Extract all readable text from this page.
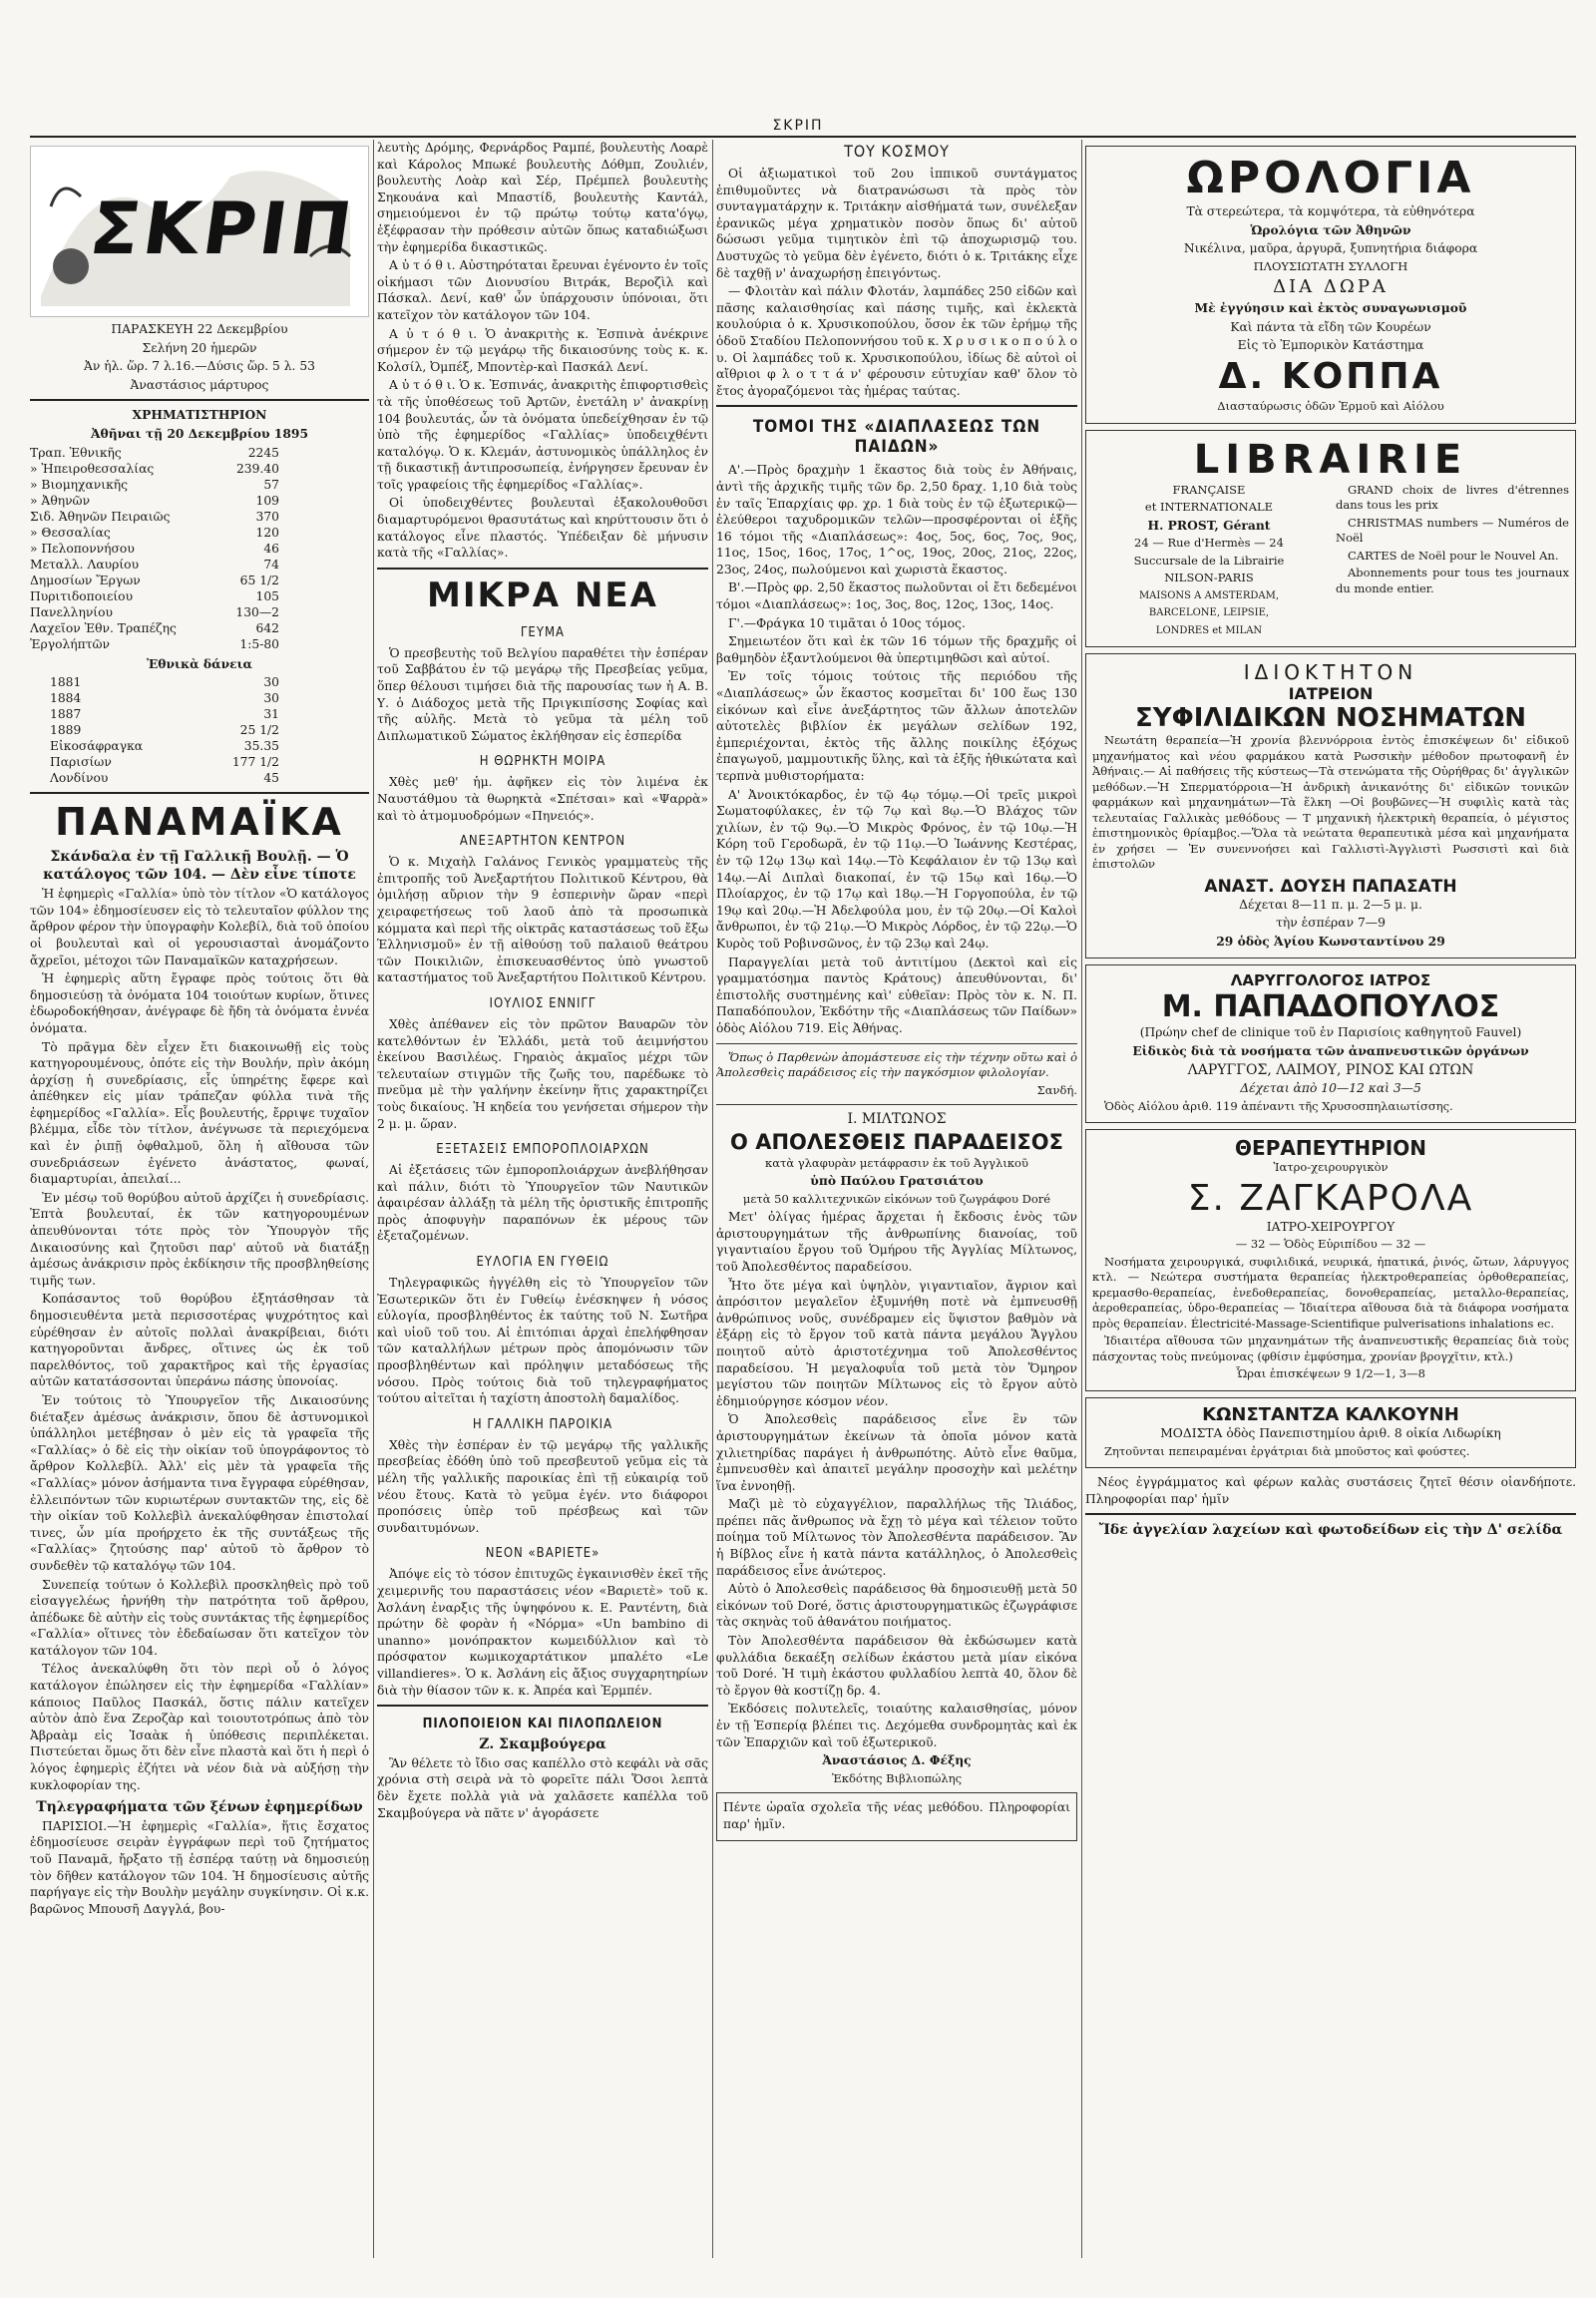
ΣΚΡΙΠ
ΣΚΡΙΠ

ΠΑΡΑΣΚΕΥΗ 22 Δεκεμβρίου

Σελήνη 20 ἡμερῶν

Ἀν ἡλ. ὥρ. 7 λ.16.—Δύσις ὥρ. 5 λ. 53

Ἀναστάσιος μάρτυρος

ΧΡΗΜΑΤΙΣΤΗΡΙΟΝ

Ἀθῆναι τῇ 20 Δεκεμβρίου 1895

Τραπ. Ἐθνικῆς	2245
» Ἠπειροθεσσαλίας	239.40
» Βιομηχανικῆς	57
» Ἀθηνῶν	109
Σιδ. Ἀθηνῶν Πειραιῶς	370
» Θεσσαλίας	120
» Πελοποννήσου	46
Μεταλλ. Λαυρίου	74
Δημοσίων Ἔργων	65 1/2
Πυριτιδοποιείου	105
Πανελληνίου	130—2
Λαχεῖον Ἐθν. Τραπέζης	642
Ἐργολήπτῶν	1:5-80

Ἐθνικὰ δάνεια

1881	30
1884	30
1887	31
1889	25 1/2
Εἰκοσάφραγκα	35.35
Παρισίων	177 1/2
Λονδίνου	45
ΠΑΝΑΜΑΪΚΑ

Σκάνδαλα ἐν τῇ Γαλλικῇ Βουλῇ. — Ὁ κατάλογος τῶν 104. — Δὲν εἶνε τίποτε

Ἡ ἐφημερὶς «Γαλλία» ὑπὸ τὸν τίτλον «Ὁ κατάλογος τῶν 104» ἐδημοσίευσεν εἰς τὸ τελευταῖον φύλλον της ἄρθρον φέρον τὴν ὑπογραφὴν Κολεβίλ, διὰ τοῦ ὁποίου οἱ βουλευταὶ καὶ οἱ γερουσιασταὶ ἀνομάζοντο ἄχρεῖοι, μέτοχοι τῶν Παναμαϊκῶν καταχρήσεων.

Ἡ ἐφημερὶς αὕτη ἔγραφε πρὸς τούτοις ὅτι θὰ δημοσιεύσῃ τὰ ὀνόματα 104 τοιούτων κυρίων, ὅτινες ἐδωροδοκήθησαν, ἀνέγραφε δὲ ἤδη τὰ ὀνόματα ἐννέα ὀνόματα.

Τὸ πρᾶγμα δὲν εἶχεν ἔτι διακοινωθῇ εἰς τοὺς κατηγορουμένους, ὁπότε εἰς τὴν Βουλήν, πρὶν ἀκόμη ἀρχίσῃ ἡ συνεδρίασις, εἷς ὑπηρέτης ἔφερε καὶ ἀπέθηκεν εἰς μίαν τράπεζαν φύλλα τινὰ τῆς ἐφημερίδος «Γαλλία». Εἷς βουλευτής, ἔρριψε τυχαῖον βλέμμα, εἶδε τὸν τίτλον, ἀνέγνωσε τὰ περιεχόμενα καὶ ἐν ῥιπῇ ὀφθαλμοῦ, ὅλη ἡ αἴθουσα τῶν συνεδριάσεων ἐγένετο ἀνάστατος, φωναί, διαμαρτυρίαι, ἀπειλαί...

Ἐν μέσῳ τοῦ θορύβου αὐτοῦ ἀρχίζει ἡ συνεδρίασις. Ἐπτὰ βουλευταί, ἐκ τῶν κατηγορουμένων ἀπευθύνονται τότε πρὸς τὸν Ὑπουργὸν τῆς Δικαιοσύνης καὶ ζητοῦσι παρ' αὐτοῦ νὰ διατάξῃ ἀμέσως ἀνάκρισιν πρὸς ἐκδίκησιν τῆς προσβληθείσης τιμῆς των.

Κοπάσαντος τοῦ θορύβου ἐξητάσθησαν τὰ δημοσιευθέντα μετὰ περισσοτέρας ψυχρότητος καὶ εὑρέθησαν ἐν αὐτοῖς πολλαὶ ἀνακρίβειαι, διότι κατηγοροῦνται ἄνδρες, οἵτινες ὡς ἐκ τοῦ παρελθόντος, τοῦ χαρακτῆρος καὶ τῆς ἐργασίας αὐτῶν κατατάσσονται ὑπεράνω πάσης ὑπονοίας.

Ἐν τούτοις τὸ Ὑπουργεῖον τῆς Δικαιοσύνης διέταξεν ἀμέσως ἀνάκρισιν, ὅπου δὲ ἀστυνομικοὶ ὑπάλληλοι μετέβησαν ὁ μὲν εἰς τὰ γραφεῖα τῆς «Γαλλίας» ὁ δὲ εἰς τὴν οἰκίαν τοῦ ὑπογράφοντος τὸ ἄρθρον Κολλεβίλ. Ἀλλ' εἰς μὲν τὰ γραφεῖα τῆς «Γαλλίας» μόνον ἀσήμαντα τινα ἔγγραφα εὑρέθησαν, ἐλλειπόντων τῶν κυριωτέρων συντακτῶν της, εἰς δὲ τὴν οἰκίαν τοῦ Κολλεβὶλ ἀνεκαλύφθησαν ἐπιστολαί τινες, ὧν μία προήρχετο ἐκ τῆς συντάξεως τῆς «Γαλλίας» ζητούσης παρ' αὐτοῦ τὸ ἄρθρον τὸ συνδεθὲν τῷ καταλόγῳ τῶν 104.

Συνεπείᾳ τούτων ὁ Κολλεβὶλ προσκληθεὶς πρὸ τοῦ εἰσαγγελέως ἠρνήθη τὴν πατρότητα τοῦ ἄρθρου, ἀπέδωκε δὲ αὐτὴν εἰς τοὺς συντάκτας τῆς ἐφημερίδος «Γαλλία» οἵτινες τὸν ἐδεδαίωσαν ὅτι κατεῖχον τὸν κατάλογον τῶν 104.

Τέλος ἀνεκαλύφθη ὅτι τὸν περὶ οὗ ὁ λόγος κατάλογον ἐπώλησεν εἰς τὴν ἐφημερίδα «Γαλλίαν» κάποιος Παῦλος Πασκάλ, ὅστις πάλιν κατεῖχεν αὐτὸν ἀπὸ ἕνα Ζεροζὰρ καὶ τοιουτοτρόπως ἀπὸ τὸν Ἀβραὰμ εἰς Ἰσαὰκ ἡ ὑπόθεσις περιπλέκεται. Πιστεύεται ὅμως ὅτι δὲν εἶνε πλαστὰ καὶ ὅτι ἡ περὶ ὁ λόγος ἐφημερὶς ἐζήτει νὰ νέον διὰ νὰ αὐξήσῃ τὴν κυκλοφορίαν της.

Τηλεγραφήματα τῶν ξένων ἐφημερίδων

ΠΑΡΙΣΙΟΙ.—Ἡ ἐφημερὶς «Γαλλία», ἥτις ἔσχατος ἐδημοσίευσε σειρὰν ἐγγράφων περὶ τοῦ ζητήματος τοῦ Παναμᾶ, ἤρξατο τῇ ἑσπέρᾳ ταύτῃ νὰ δημοσιεύῃ τὸν δῆθεν κατάλογον τῶν 104. Ἡ δημοσίευσις αὐτῆς παρήγαγε εἰς τὴν Βουλὴν μεγάλην συγκίνησιν. Οἱ κ.κ. βαρῶνος Μπουσῆ Δαγγλά, βου-

λευτὴς Δρόμης, Φερνάρδος Ραμπέ, βουλευτὴς Λοαρὲ καὶ Κάρολος Μπωκέ βουλευτὴς Δόθμπ, Ζουλιέν, βουλευτὴς Λοὰρ καὶ Σέρ, Πρέμπελ βουλευτὴς Σηκουάνα καὶ Μπαστίδ, βουλευτὴς Καντάλ, σημειούμενοι ἐν τῷ πρώτῳ τούτῳ κατα'όγῳ, ἐξέφρασαν τὴν πρόθεσιν αὐτῶν ὅπως καταδιώξωσι τὴν ἐφημερίδα δικαστικῶς.

Α ὐ τ ό θ ι. Αὐστηρόταται ἔρευναι ἐγένοντο ἐν τοῖς οἰκήμασι τῶν Διονυσίου Βιτράκ, Βεροζὶλ καὶ Πάσκαλ. Δενί, καθ' ὧν ὑπάρχουσιν ὑπόνοιαι, ὅτι κατεῖχον τὸν κατάλογον τῶν 104.

Α ὐ τ ό θ ι. Ὁ ἀνακριτὴς κ. Ἐσπινὰ ἀνέκρινε σήμερον ἐν τῷ μεγάρῳ τῆς δικαιοσύνης τοὺς κ. κ. Κολσίλ, Ὀμπέξ, Μποντὲρ-καὶ Πασκάλ Δενί.

Α ὐ τ ό θ ι. Ὁ κ. Ἐσπινάς, ἀνακριτὴς ἐπιφορτισθεὶς τὰ τῆς ὑποθέσεως τοῦ Ἀρτῶν, ἐνετάλη ν' ἀνακρίνῃ 104 βουλευτάς, ὧν τὰ ὀνόματα ὑπεδείχθησαν ἐν τῷ ὑπὸ τῆς ἐφημερίδος «Γαλλίας» ὑποδειχθέντι καταλόγῳ. Ὁ κ. Κλεμάν, ἀστυνομικὸς ὑπάλληλος ἐν τῇ δικαστικῇ ἀντιπροσωπείᾳ, ἐνήργησεν ἔρευναν ἐν τοῖς γραφείοις τῆς ἐφημερίδος «Γαλλίας».

Οἱ ὑποδειχθέντες βουλευταὶ ἐξακολουθοῦσι διαμαρτυρόμενοι θρασυτάτως καὶ κηρύττουσιν ὅτι ὁ κατάλογος εἶνε πλαστός. Ὑπέδειξαν δὲ μήνυσιν κατὰ τῆς «Γαλλίας».

ΜΙΚΡΑ ΝΕΑ
ΓΕΥΜΑ

Ὁ πρεσβευτὴς τοῦ Βελγίου παραθέτει τὴν ἑσπέραν τοῦ Σαββάτου ἐν τῷ μεγάρῳ τῆς Πρεσβείας γεῦμα, ὅπερ θέλουσι τιμήσει διὰ τῆς παρουσίας των ἡ Α. Β. Υ. ὁ Διάδοχος μετὰ τῆς Πριγκιπίσσης Σοφίας καὶ τῆς αὐλῆς. Μετὰ τὸ γεῦμα τὰ μέλη τοῦ Διπλωματικοῦ Σώματος ἐκλήθησαν εἰς ἑσπερίδα

Η ΘΩΡΗΚΤΗ ΜΟΙΡΑ

Χθὲς μεθ' ἡμ. ἀφῆκεν εἰς τὸν λιμένα ἐκ Ναυστάθμου τὰ θωρηκτὰ «Σπέτσαι» καὶ «Ψαρρὰ» καὶ τὸ ἀτμομυοδρόμων «Πηνειός».

ΑΝΕΞΑΡΤΗΤΟΝ ΚΕΝΤΡΟΝ

Ὁ κ. Μιχαὴλ Γαλάνος Γενικὸς γραμματεὺς τῆς ἐπιτροπῆς τοῦ Ἀνεξαρτήτου Πολιτικοῦ Κέντρου, θὰ ὁμιλήσῃ αὔριον τὴν 9 ἑσπερινὴν ὥραν «περὶ χειραφετήσεως τοῦ λαοῦ ἀπὸ τὰ προσωπικὰ κόμματα καὶ περὶ τῆς οἰκτρᾶς καταστάσεως τοῦ ἔξω Ἑλληνισμοῦ» ἐν τῇ αἰθούσῃ τοῦ παλαιοῦ θεάτρου τῶν Ποικιλιῶν, ἐπισκευασθέντος ὑπὸ γνωστοῦ καταστήματος τοῦ Ἀνεξαρτήτου Πολιτικοῦ Κέντρου.

ΙΟΥΛΙΟΣ ΕΝΝΙΓΓ

Χθὲς ἀπέθανεν εἰς τὸν πρῶτον Βαυαρῶν τὸν κατελθόντων ἐν Ἑλλάδι, μετὰ τοῦ ἀειμνήστου ἐκείνου Βασιλέως. Γηραιὸς ἀκμαῖος μέχρι τῶν τελευταίων στιγμῶν τῆς ζωῆς του, παρέδωκε τὸ πνεῦμα μὲ τὴν γαλήνην ἐκείνην ἥτις χαρακτηρίζει τοὺς δικαίους. Ἡ κηδεία του γενήσεται σήμερον τὴν 2 μ. μ. ὥραν.

ΕΞΕΤΑΣΕΙΣ ΕΜΠΟΡΟΠΛΟΙΑΡΧΩΝ

Αἱ ἐξετάσεις τῶν ἐμποροπλοιάρχων ἀνεβλήθησαν καὶ πάλιν, διότι τὸ Ὑπουργεῖον τῶν Ναυτικῶν ἀφαιρέσαν ἀλλάξῃ τὰ μέλη τῆς ὁριστικῆς ἐπιτροπῆς πρὸς ἀποφυγὴν παραπόνων ἐκ μέρους τῶν ἐξεταζομένων.

ΕΥΛΟΓΙΑ ΕΝ ΓΥΘΕΙΩ

Τηλεγραφικῶς ἠγγέλθη εἰς τὸ Ὑπουργεῖον τῶν Ἐσωτερικῶν ὅτι ἐν Γυθείῳ ἐνέσκηψεν ἡ νόσος εὐλογία, προσβληθέντος ἐκ ταύτης τοῦ Ν. Σωτῆρα καὶ υἱοῦ τοῦ του. Αἱ ἐπιτόπιαι ἀρχαὶ ἐπελήφθησαν τῶν καταλλήλων μέτρων πρὸς ἀπομόνωσιν τῶν προσβληθέντων καὶ πρόληψιν μεταδόσεως τῆς νόσου. Πρὸς τούτοις διὰ τοῦ τηλεγραφήματος τούτου αἰτεῖται ἡ ταχίστη ἀποστολὴ δαμαλίδος.

Η ΓΑΛΛΙΚΗ ΠΑΡΟΙΚΙΑ

Χθὲς τὴν ἑσπέραν ἐν τῷ μεγάρῳ τῆς γαλλικῆς πρεσβείας ἐδόθη ὑπὸ τοῦ πρεσβευτοῦ γεῦμα εἰς τὰ μέλη τῆς γαλλικῆς παροικίας ἐπὶ τῇ εὐκαιρίᾳ τοῦ νέου ἔτους. Κατὰ τὸ γεῦμα ἐγέν. ντο διάφοροι προπόσεις ὑπὲρ τοῦ πρέσβεως καὶ τῶν συνδαιτυμόνων.

ΝΕΟΝ «ΒΑΡΙΕΤΕ»

Ἀπόψε εἰς τὸ τόσον ἐπιτυχῶς ἐγκαινισθὲν ἐκεῖ τῆς χειμερινῆς του παραστάσεις νέον «Βαριετὲ» τοῦ κ. Ἀσλάνη ἐναρξις τῆς ὑψηφόνου κ. Ε. Ραντέντη, διὰ πρώτην δὲ φορὰν ἡ «Νόρμα» «Un bambino di unanno» μονόπρακτον κωμειδύλλιον καὶ τὸ πρόσφατον κωμικοχαρτάτικον μπαλέτο «Le villandieres». Ὁ κ. Ἀσλάνη εἰς ἄξιος συγχαρητηρίων διὰ τὴν θίασον τῶν κ. κ. Ἀπρέα καὶ Ἐρμπέν.

ΠΙΛΟΠΟΙΕΙΟΝ ΚΑΙ ΠΙΛΟΠΩΛΕΙΟΝ

Ζ. Σκαμβούγερα

Ἂν θέλετε τὸ ἴδιο σας καπέλλο στὸ κεφάλι νὰ σᾶς χρόνια στὴ σειρὰ νὰ τὸ φορεῖτε πάλι Ὅσοι λεπτὰ δὲν ἔχετε πολλὰ γιὰ νὰ χαλᾶσετε καπέλλα τοῦ Σκαμβούγερα νὰ πᾶτε ν' ἀγοράσετε

ΤΟΥ ΚΟΣΜΟΥ

Οἱ ἀξιωματικοὶ τοῦ 2ου ἱππικοῦ συντάγματος ἐπιθυμοῦντες νὰ διατρανώσωσι τὰ πρὸς τὸν συνταγματάρχην κ. Τριτάκην αἰσθήματά των, συνέλεξαν ἐρανικῶς μέγα χρηματικὸν ποσὸν ὅπως δι' αὐτοῦ δώσωσι γεῦμα τιμητικὸν ἐπὶ τῷ ἀποχωρισμῷ του. Δυστυχῶς τὸ γεῦμα δὲν ἐγένετο, διότι ὁ κ. Τριτάκης εἶχε δὲ ταχθῇ ν' ἀναχωρήσῃ ἐπειγόντως.

— Φλοιτὰν καὶ πάλιν Φλοτάν, λαμπάδες 250 εἰδῶν καὶ πᾶσης καλαισθησίας καὶ πάσης τιμῆς, καὶ ἐκλεκτὰ κουλούρια ὁ κ. Χρυσικοπούλου, ὅσον ἐκ τῶν ἐρήμῳ τῆς ὁδοῦ Σταδίου Πελοποννήσου τοῦ κ. Χ ρ υ σ ι κ ο π ο ύ λ ο υ. Οἱ λαμπάδες τοῦ κ. Χρυσικοπούλου, ἰδίως δὲ αὐτοὶ οἱ αἴθριοι φ λ ο τ τ ά ν' φέρουσιν εὐτυχίαν καθ' ὅλον τὸ ἔτος ἀγοραζόμενοι τὰς ἡμέρας ταύτας.

ΤΟΜΟΙ ΤΗΣ «ΔΙΑΠΛΑΣΕΩΣ ΤΩΝ ΠΑΙΔΩΝ»

Α'.—Πρὸς δραχμὴν 1 ἕκαστος διὰ τοὺς ἐν Ἀθήναις, ἀντὶ τῆς ἀρχικῆς τιμῆς τῶν δρ. 2,50 δραχ. 1,10 διὰ τοὺς ἐν ταῖς Ἐπαρχίαις φρ. χρ. 1 διὰ τοὺς ἐν τῷ ἐξωτερικῷ—ἐλεύθεροι ταχυδρομικῶν τελῶν—προσφέρονται οἱ ἑξῆς 16 τόμοι τῆς «Διαπλάσεως»: 4ος, 5ος, 6ος, 7ος, 9ος, 11ος, 15ος, 16ος, 17ος, 1^ος, 19ος, 20ος, 21ος, 22ος, 23ος, 24ος, πωλούμενοι καὶ χωριστὰ ἕκαστος.

Β'.—Πρὸς φρ. 2,50 ἕκαστος πωλοῦνται οἱ ἔτι δεδεμένοι τόμοι «Διαπλάσεως»: 1ος, 3ος, 8ος, 12ος, 13ος, 14ος.

Γ'.—Φράγκα 10 τιμᾶται ὁ 10ος τόμος.

Σημειωτέον ὅτι καὶ ἐκ τῶν 16 τόμων τῆς δραχμῆς οἱ βαθμηδὸν ἐξαντλούμενοι θὰ ὑπερτιμηθῶσι καὶ αὐτοί.

Ἐν τοῖς τόμοις τούτοις τῆς περιόδου τῆς «Διαπλάσεως» ὧν ἕκαστος κοσμεῖται δι' 100 ἕως 130 εἰκόνων καὶ εἶνε ἀνεξάρτητος τῶν ἄλλων ἀποτελῶν αὐτοτελὲς βιβλίον ἐκ μεγάλων σελίδων 192, ἐμπεριέχονται, ἐκτὸς τῆς ἄλλης ποικίλης ἐξόχως ἐπαγωγοῦ, μαμμουτικῆς ὕλης, καὶ τὰ ἑξῆς ἠθικώτατα καὶ τερπνὰ μυθιστορήματα:

Α' Ἀνοικτόκαρδος, ἐν τῷ 4ῳ τόμῳ.—Οἱ τρεῖς μικροὶ Σωματοφύλακες, ἐν τῷ 7ῳ καὶ 8ῳ.—Ὁ Βλάχος τῶν χιλίων, ἐν τῷ 9ῳ.—Ὁ Μικρὸς Φρόνος, ἐν τῷ 10ῳ.—Ἡ Κόρη τοῦ Γεροδωρᾶ, ἐν τῷ 11ῳ.—Ὁ Ἰωάννης Κεστέρας, ἐν τῷ 12ῳ 13ῳ καὶ 14ῳ.—Τὸ Κεφάλαιον ἐν τῷ 13ῳ καὶ 14ῳ.—Αἱ Διπλαὶ διακοπαί, ἐν τῷ 15ῳ καὶ 16ῳ.—Ὁ Πλοίαρχος, ἐν τῷ 17ῳ καὶ 18ῳ.—Ἡ Γοργοπούλα, ἐν τῷ 19ῳ καὶ 20ῳ.—Ἡ Ἀδελφούλα μου, ἐν τῷ 20ῳ.—Οἱ Καλοὶ ἄνθρωποι, ἐν τῷ 21ῳ.—Ὁ Μικρὸς Λόρδος, ἐν τῷ 22ῳ.—Ὁ Κυρὸς τοῦ Ροβινσῶνος, ἐν τῷ 23ῳ καὶ 24ῳ.

Παραγγελίαι μετὰ τοῦ ἀντιτίμου (Δεκτοὶ καὶ εἰς γραμματόσημα παντὸς Κράτους) ἀπευθύνονται, δι' ἐπιστολῆς συστημένης καὶ' εὐθεῖαν: Πρὸς τὸν κ. Ν. Π. Παπαδόπουλον, Ἐκδότην τῆς «Διαπλάσεως τῶν Παίδων» ὁδὸς Αἰόλου 719. Εἰς Ἀθήνας.

Ὅπως ὁ Παρθενὼν ἀπομάστευσε εἰς τὴν τέχνην οὕτω καὶ ὁ Ἀπολεσθεὶς παράδεισος εἰς τὴν παγκόσμιον φιλολογίαν.

Σανδή.

Ι. ΜΙΛΤΩΝΟΣ

Ο ΑΠΟΛΕΣΘΕΙΣ ΠΑΡΑΔΕΙΣΟΣ

κατὰ γλαφυρὰν μετάφρασιν ἐκ τοῦ Ἀγγλικοῦ

ὑπὸ Παύλου Γρατσιάτου

μετὰ 50 καλλιτεχνικῶν εἰκόνων τοῦ ζωγράφου Doré

Μετ' ὀλίγας ἡμέρας ἄρχεται ἡ ἔκδοσις ἑνὸς τῶν ἀριστουργημάτων τῆς ἀνθρωπίνης διανοίας, τοῦ γιγαντιαίου ἔργου τοῦ Ὁμήρου τῆς Ἀγγλίας Μίλτωνος, τοῦ Ἀπολεσθέντος παραδείσου.

Ἦτο ὅτε μέγα καὶ ὑψηλὸν, γιγαντιαῖον, ἄγριον καὶ ἀπρόσιτον μεγαλεῖον ἐξυμνήθη ποτὲ νὰ ἐμπνευσθῇ ἀνθρώπινος νοῦς, συνέδραμεν εἰς ὕψιστον βαθμὸν νὰ ἐξάρῃ εἰς τὸ ἔργον τοῦ κατὰ πάντα μεγάλου Ἄγγλου ποιητοῦ αὐτὸ ἀριστοτέχνημα τοῦ Ἀπολεσθέντος παραδείσου. Ἡ μεγαλοφυΐα τοῦ μετὰ τὸν Ὅμηρον μεγίστου τῶν ποιητῶν Μίλτωνος εἰς τὸ ἔργον αὐτὸ ἐδημιούργησε κόσμον νέον.

Ὁ Ἀπολεσθεὶς παράδεισος εἶνε ἓν τῶν ἀριστουργημάτων ἐκείνων τὰ ὁποῖα μόνον κατὰ χιλιετηρίδας παράγει ἡ ἀνθρωπότης. Αὐτὸ εἶνε θαῦμα, ἐμπνευσθὲν καὶ ἀπαιτεῖ μεγάλην προσοχὴν καὶ μελέτην ἵνα ἐννοηθῇ.

Μαζὶ μὲ τὸ εὐχαγγέλιον, παραλλήλως τῆς Ἰλιάδος, πρέπει πᾶς ἄνθρωπος νὰ ἔχῃ τὸ μέγα καὶ τέλειον τοῦτο ποίημα τοῦ Μίλτωνος τὸν Ἀπολεσθέντα παράδεισον. Ἂν ἡ Βίβλος εἶνε ἡ κατὰ πάντα κατάλληλος, ὁ Ἀπολεσθεὶς παράδεισος εἶνε ἀνώτερος.

Αὐτὸ ὁ Ἀπολεσθεὶς παράδεισος θὰ δημοσιευθῇ μετὰ 50 εἰκόνων τοῦ Doré, ὅστις ἀριστουργηματικῶς ἐζωγράφισε τὰς σκηνὰς τοῦ ἀθανάτου ποιήματος.

Τὸν Ἀπολεσθέντα παράδεισον θὰ ἐκδώσωμεν κατὰ φυλλάδια δεκαέξη σελίδων ἐκάστου μετὰ μίαν εἰκόνα τοῦ Doré. Ἡ τιμὴ ἑκάστου φυλλαδίου λεπτὰ 40, ὅλον δὲ τὸ ἔργον θὰ κοστίζῃ δρ. 4.

Ἐκδόσεις πολυτελεῖς, τοιαύτης καλαισθησίας, μόνον ἐν τῇ Ἑσπερίᾳ βλέπει τις. Δεχόμεθα συνδρομητὰς καὶ ἐκ τῶν Ἐπαρχιῶν καὶ τοῦ ἐξωτερικοῦ.

Ἀναστάσιος Δ. Φέξης

Ἐκδότης Βιβλιοπώλης

Πέντε ὡραῖα σχολεῖα τῆς νέας μεθόδου. Πληροφορίαι παρ' ἡμῖν.

ΩΡΟΛΟΓΙΑ

Τὰ στερεώτερα, τὰ κομψότερα, τὰ εὐθηνότερα

Ὡρολόγια τῶν Ἀθηνῶν

Νικέλινα, μαῦρα, ἀργυρᾶ, ξυπνητήρια διάφορα

ΠΛΟΥΣΙΩΤΑΤΗ ΣΥΛΛΟΓΗ

ΔΙΑ ΔΩΡΑ

Μὲ ἐγγύησιν καὶ ἐκτὸς συναγωνισμοῦ

Καὶ πάντα τὰ εἴδη τῶν Κουρέων

Εἰς τὸ Ἐμπορικὸν Κατάστημα

Δ. ΚΟΠΠΑ

Διασταύρωσις ὁδῶν Ἑρμοῦ καὶ Αἰόλου

LIBRAIRIE

FRANÇAISE

et INTERNATIONALE

H. PROST, Gérant

24 — Rue d'Hermès — 24

Succursale de la Librairie

NILSON-PARIS

MAISONS A AMSTERDAM,

BARCELONE, LEIPSIE,

LONDRES et MILAN

GRAND choix de livres d'étrennes dans tous les prix

CHRISTMAS numbers — Numéros de Noël

CARTES de Noël pour le Nouvel An.

Abonnements pour tous tes journaux du monde entier.

ΙΔΙΟΚΤΗΤΟΝ
ΙΑΤΡΕΙΟΝ
ΣΥΦΙΛΙΔΙΚΩΝ ΝΟΣΗΜΑΤΩΝ

Νεωτάτη θεραπεία—Ἡ χρονία βλεννόρροια ἐντὸς ἐπισκέψεων δι' εἰδικοῦ μηχανήματος καὶ νέου φαρμάκου κατὰ Ρωσσικὴν μέθοδον πρωτοφανῆ ἐν Ἀθήναις.— Αἱ παθήσεις τῆς κύστεως—Τὰ στενώματα τῆς Οὐρήθρας δι' ἀγγλικῶν μεθόδων.—Ἡ Σπερματόρροια—Ἡ ἀνδρικὴ ἀνικανότης δι' εἰδικῶν τονικῶν φαρμάκων καὶ μηχανημάτων—Τὰ ἕλκη —Οἱ βουβῶνες—Ἡ συφιλὶς κατὰ τὰς τελευταίας Γαλλικὰς μεθόδους — Τ μηχανικὴ ἠλεκτρικὴ θεραπεία, ὁ μέγιστος ἐπιστημονικὸς θρίαμβος.—Ὅλα τὰ νεώτατα θεραπευτικὰ μέσα καὶ μηχανήματα ἐν χρήσει — Ἐν συνεννοήσει καὶ Γαλλιστὶ-Ἀγγλιστὶ Ρωσσιστὶ καὶ διὰ ἐπιστολῶν

ΑΝΑΣΤ. ΔΟΥΣΗ ΠΑΠΑΣΑΤΗ

Δέχεται 8—11 π. μ. 2—5 μ. μ.

τὴν ἑσπέραν 7—9

29 ὁδὸς Ἁγίου Κωνσταντίνου 29

ΛΑΡΥΓΓΟΛΟΓΟΣ ΙΑΤΡΟΣ
Μ. ΠΑΠΑΔΟΠΟΥΛΟΣ

(Πρώην chef de clinique τοῦ ἐν Παρισίοις καθηγητοῦ Fauvel)

Εἰδικὸς διὰ τὰ νοσήματα τῶν ἀναπνευστικῶν ὀργάνων

ΛΑΡΥΓΓΟΣ, ΛΑΙΜΟΥ, ΡΙΝΟΣ ΚΑΙ ΩΤΩΝ

Δέχεται ἀπὸ 10—12 καὶ 3—5

Ὁδὸς Αἰόλου ἀριθ. 119 ἀπέναντι τῆς Χρυσοσπηλαιωτίσσης.

ΘΕΡΑΠΕΥΤΗΡΙΟΝ

Ἰατρο-χειρουργικὸν

Σ. ΖΑΓΚΑΡΟΛΑ

ΙΑΤΡΟ-ΧΕΙΡΟΥΡΓΟΥ

— 32 — Ὁδὸς Εὐριπίδου — 32 —

Νοσήματα χειρουργικά, συφιλιδικά, νευρικά, ἠπατικά, ῥινός, ὤτων, λάρυγγος κτλ. — Νεώτερα συστήματα θεραπείας ἠλεκτροθεραπείας ὀρθοθεραπείας, κρεμασθο-θεραπείας, ἐνεδοθεραπείας, δονοθεραπείας, μεταλλο-θεραπείας, ἀεροθεραπείας, ὑδρο-θεραπείας — Ἰδιαίτερα αἴθουσα διὰ τὰ διάφορα νοσήματα πρὸς θεραπείαν. Électricité-Massage-Scientifique pulverisations inhalations ec.

Ἰδιαιτέρα αἴθουσα τῶν μηχανημάτων τῆς ἀναπνευστικῆς θεραπείας διὰ τοὺς πάσχοντας τοὺς πνεύμονας (φθίσιν ἐμφύσημα, χρονίαν βρογχῖτιν, κτλ.)

Ὧραι ἐπισκέψεων 9 1/2—1, 3—8

ΚΩΝΣΤΑΝΤΖΑ ΚΑΛΚΟΥΝΗ

ΜΟΔΙΣΤΑ ὁδὸς Πανεπιστημίου ἀριθ. 8 οἰκία Λιδωρίκη

Ζητοῦνται πεπειραμέναι ἐργάτριαι διὰ μποῦστος καὶ φούστες.

Νέος ἐγγράμματος καὶ φέρων καλὰς συστάσεις ζητεῖ θέσιν οἱανδήποτε. Πληροφορίαι παρ' ἡμῖν

Ἴδε ἀγγελίαν λαχείων καὶ φωτοδείδων εἰς τὴν Δ' σελίδα
